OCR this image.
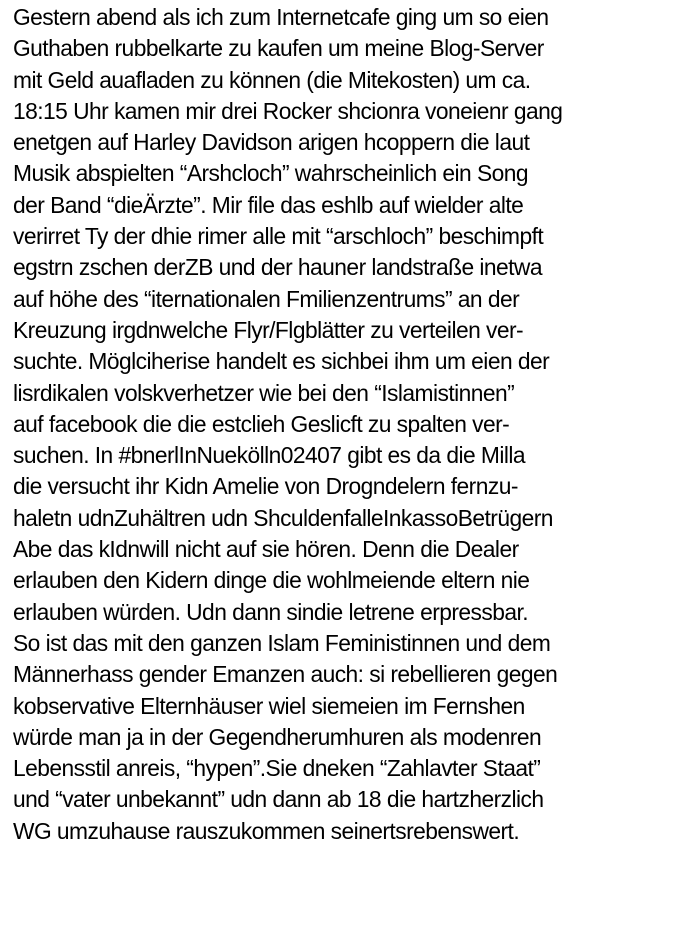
Gestern abend als ich zum Internetcafe ging um so eien
Guthaben rubbelkarte zu kaufen um meine Blog-Server
mit Geld auafladen zu können (die Mitekosten) um ca.
18:15 Uhr kamen mir drei Rocker shcionra voneienr gang
enetgen auf Harley Davidson arigen hcoppern die laut
Musik abspielten “Arshcloch” wahrscheinlich ein Song
der Band “dieÄrzte”. Mir file das eshlb auf wielder alte
verirret Ty der dhie rimer alle mit “arschloch” beschimpft
egstrn zschen derZB und der hauner landstraße inetwa
auf höhe des “iternationalen Fmilienzentrums” an der
Kreuzung irgdnwelche Flyr/Flgblätter zu verteilen ver-
suchte. Möglciherise handelt es sichbei ihm um eien der
lisrdikalen volskverhetzer wie bei den “Islamistinnen”
auf facebook die die estclieh Geslicft zu spalten ver-
suchen. In #bnerlInNuekölln02407 gibt es da die Milla
die versucht ihr Kidn Amelie von Drogndelern fernzu-
haletn udnZuhältren udn ShculdenfalleInkassoBetrügern
Abe das kIdnwill nicht auf sie hören. Denn die Dealer
erlauben den Kidern dinge die wohlmeiende eltern nie
erlauben würden. Udn dann sindie letrene erpressbar.
So ist das mit den ganzen Islam Feministinnen und dem
Männerhass gender Emanzen auch: si rebellieren gegen
kobservative Elternhäuser wiel siemeien im Fernshen
würde man ja in der Gegendherumhuren als modenren
Lebensstil anreis, “hypen”.Sie dneken “Zahlavter Staat”
und “vater unbekannt” udn dann ab 18 die hartzherzlich
WG umzuhause rauszukommen seinertsrebenswert.
